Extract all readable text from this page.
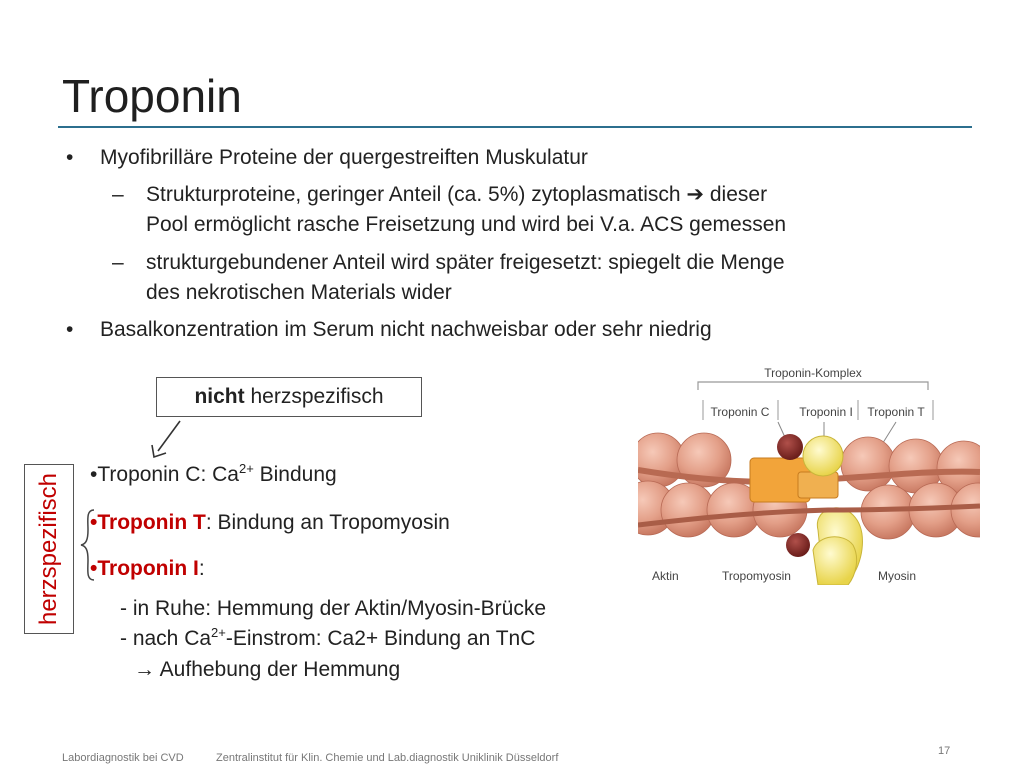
Troponin
• Myofibrilläre Proteine der quergestreiften Muskulatur
– Strukturproteine, geringer Anteil (ca. 5%) zytoplasmatisch ➔ dieser
Pool ermöglicht rasche Freisetzung und wird bei V.a. ACS gemessen
– strukturgebundener Anteil wird später freigesetzt: spiegelt die Menge
des nekrotischen Materials wider
• Basalkonzentration im Serum nicht nachweisbar oder sehr niedrig
nicht herzspezifisch
herzspezifisch •Troponin C: $Ca^{2+}$ Bindung
•Troponin T: Bindung an Tropomyosin
•Troponin I:
- in Ruhe: Hemmung der Aktin/Myosin-Brücke
- nach $Ca^{2+}$-Einstrom: Ca2+ Bindung an TnC
→ Aufhebung der Hemmung
Troponin-Komplex
Troponin C Troponin I Troponin T
Aktin	Tropomyosin	Myosin
Labordiagnostik bei CVD	Zentralinstitut für Klin. Chemie und Lab.diagnostik Uniklinik Düsseldorf
17
